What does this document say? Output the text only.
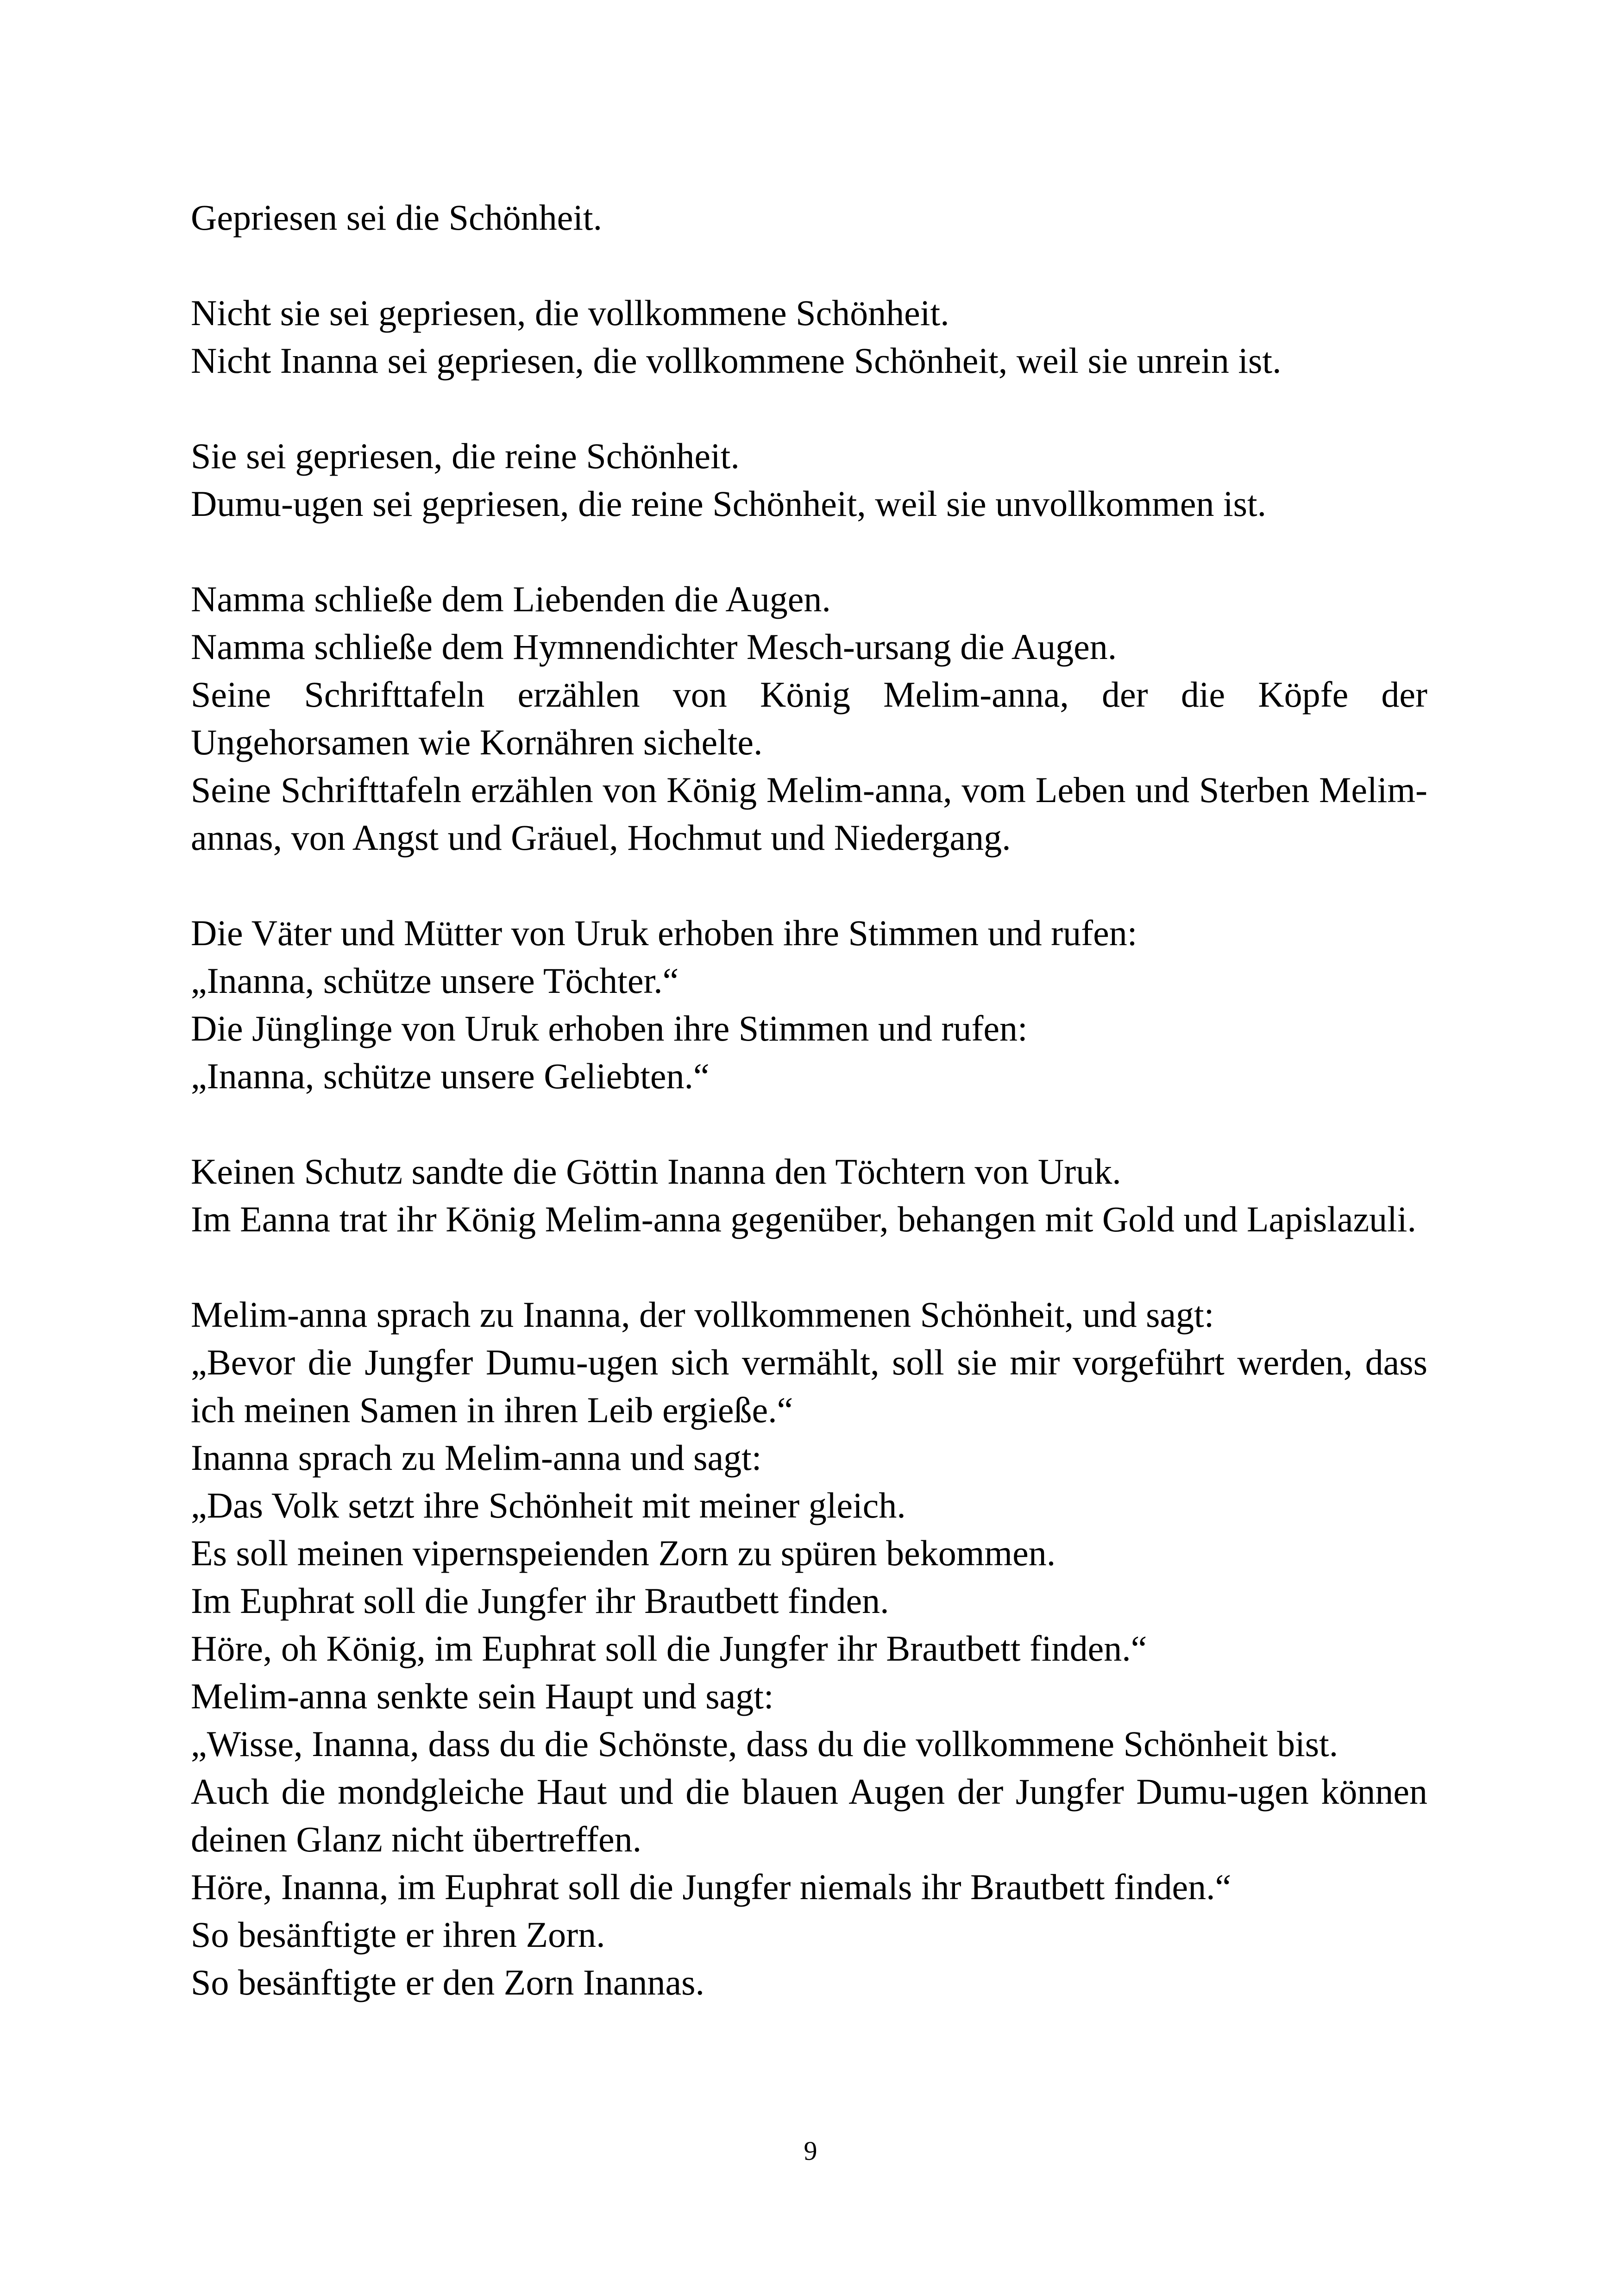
Gepriesen sei die Schönheit.
Nicht sie sei gepriesen, die vollkommene Schönheit.
Nicht Inanna sei gepriesen, die vollkommene Schönheit, weil sie unrein ist.
Sie sei gepriesen, die reine Schönheit.
Dumu-ugen sei gepriesen, die reine Schönheit, weil sie unvollkommen ist.
Namma schließe dem Liebenden die Augen.
Namma schließe dem Hymnendichter Mesch-ursang die Augen.
Seine Schrifttafeln erzählen von König Melim-anna, der die Köpfe der Ungehorsamen wie Kornähren sichelte.
Seine Schrifttafeln erzählen von König Melim-anna, vom Leben und Sterben Melim-annas, von Angst und Gräuel, Hochmut und Niedergang.
Die Väter und Mütter von Uruk erhoben ihre Stimmen und rufen:
„Inanna, schütze unsere Töchter.“
Die Jünglinge von Uruk erhoben ihre Stimmen und rufen:
„Inanna, schütze unsere Geliebten.“
Keinen Schutz sandte die Göttin Inanna den Töchtern von Uruk.
Im Eanna trat ihr König Melim-anna gegenüber, behangen mit Gold und Lapislazuli.
Melim-anna sprach zu Inanna, der vollkommenen Schönheit, und sagt:
„Bevor die Jungfer Dumu-ugen sich vermählt, soll sie mir vorgeführt werden, dass ich meinen Samen in ihren Leib ergieße.“
Inanna sprach zu Melim-anna und sagt:
„Das Volk setzt ihre Schönheit mit meiner gleich.
Es soll meinen vipernspeienden Zorn zu spüren bekommen.
Im Euphrat soll die Jungfer ihr Brautbett finden.
Höre, oh König, im Euphrat soll die Jungfer ihr Brautbett finden.“
Melim-anna senkte sein Haupt und sagt:
„Wisse, Inanna, dass du die Schönste, dass du die vollkommene Schönheit bist.
Auch die mondgleiche Haut und die blauen Augen der Jungfer Dumu-ugen können deinen Glanz nicht übertreffen.
Höre, Inanna, im Euphrat soll die Jungfer niemals ihr Brautbett finden.“
So besänftigte er ihren Zorn.
So besänftigte er den Zorn Inannas.
9
